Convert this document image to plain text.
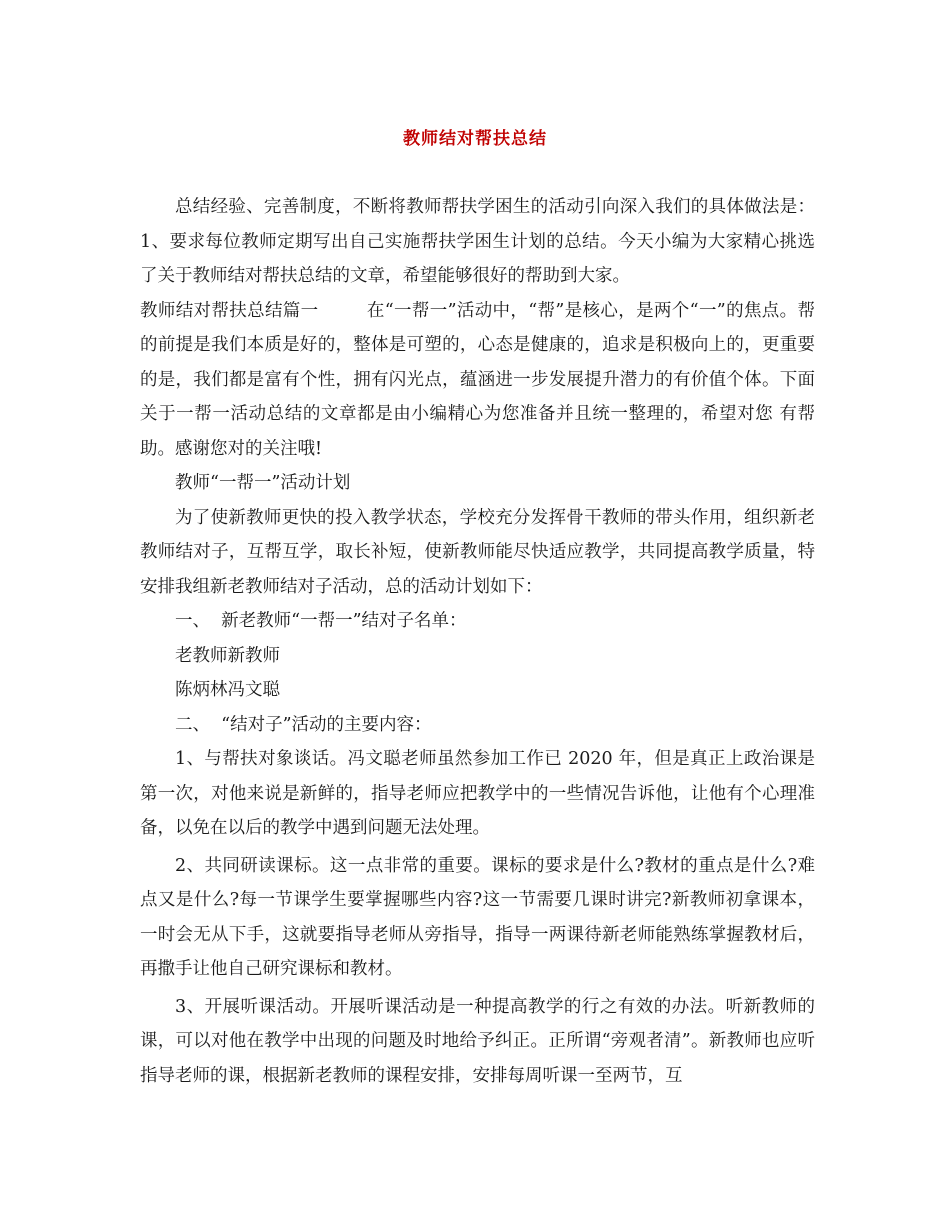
教师结对帮扶总结

总结经验、完善制度，不断将教师帮扶学困生的活动引向深入我们的具体做法是：1、要求每位教师定期写出自己实施帮扶学困生计划的总结。今天小编为大家精心挑选了关于教师结对帮扶总结的文章，希望能够很好的帮助到大家。

教师结对帮扶总结篇一	在“一帮一”活动中，“帮”是核心，是两个“一”的焦点。帮的前提是我们本质是好的，整体是可塑的，心态是健康的，追求是积极向上的，更重要的是，我们都是富有个性，拥有闪光点，蕴涵进一步发展提升潜力的有价值个体。下面关于一帮一活动总结的文章都是由小编精心为您准备并且统一整理的，希望对您 有帮助。感谢您对的关注哦!

教师“一帮一”活动计划

为了使新教师更快的投入教学状态，学校充分发挥骨干教师的带头作用，组织新老教师结对子，互帮互学，取长补短，使新教师能尽快适应教学，共同提高教学质量，特安排我组新老教师结对子活动，总的活动计划如下：

一、  新老教师“一帮一”结对子名单：

老教师新教师

陈炳林冯文聪

二、  “结对子”活动的主要内容：

1、与帮扶对象谈话。冯文聪老师虽然参加工作已 2020 年，但是真正上政治课是第一次，对他来说是新鲜的，指导老师应把教学中的一些情况告诉他，让他有个心理准备，以免在以后的教学中遇到问题无法处理。

2、共同研读课标。这一点非常的重要。课标的要求是什么?教材的重点是什么?难点又是什么?每一节课学生要掌握哪些内容?这一节需要几课时讲完?新教师初拿课本，一时会无从下手，这就要指导老师从旁指导，指导一两课待新老师能熟练掌握教材后，再撒手让他自己研究课标和教材。

3、开展听课活动。开展听课活动是一种提高教学的行之有效的办法。听新教师的课，可以对他在教学中出现的问题及时地给予纠正。正所谓“旁观者清”。新教师也应听指导老师的课，根据新老教师的课程安排，安排每周听课一至两节，互
